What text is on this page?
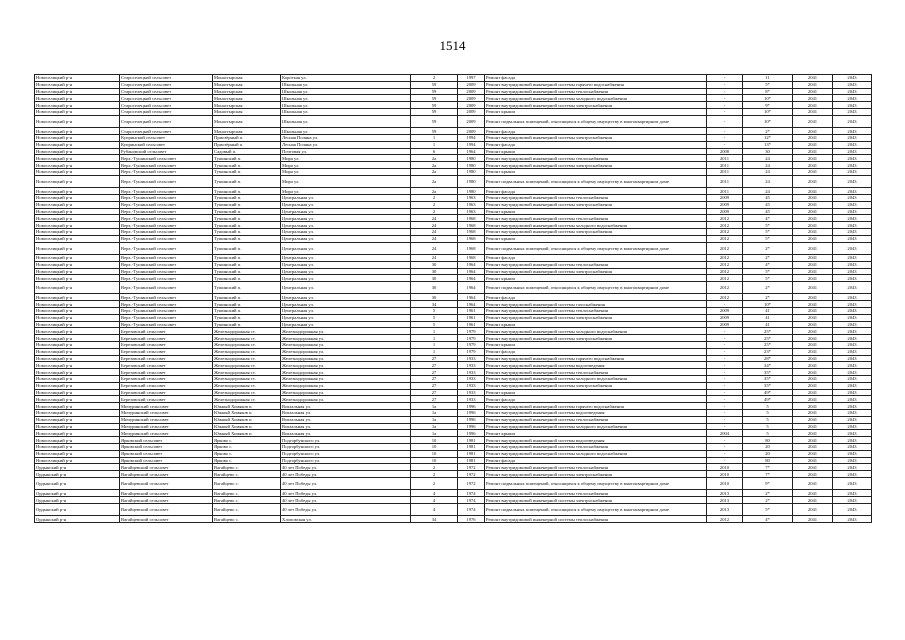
1514
Новоселицкий р-н	Староселецкий сельсовет	Монастырская	Короткая ул.	2	1997	Ремонт фасада	-	11	2041	2043
Новоселицкий р-н	Староселецкий сельсовет	Монастырская	Школьная ул.	59	2009	Ремонт внутридомовой инженерной системы горячего водоснабжения	-	5*	2041	2043
Новоселицкий р-н	Староселецкий сельсовет	Монастырская	Школьная ул.	59	2009	Ремонт внутридомовой инженерной системы теплоснабжения	-	8*	2041	2043
Новоселицкий р-н	Староселецкий сельсовет	Монастырская	Школьная ул.	59	2009	Ремонт внутридомовой инженерной системы холодного водоснабжения	-	10*	2041	2043
Новоселицкий р-н	Староселецкий сельсовет	Монастырская	Школьная ул.	59	2009	Ремонт внутридомовой инженерной системы электроснабжения	-	9*	2041	2043
Новоселицкий р-н	Староселецкий сельсовет	Монастырская	Школьная ул.	59	2009	Ремонт крыши	-	10*	2041	2043
Новоселицкий р-н	Староселецкий сельсовет	Монастырская	Школьная ул.	59	2009	Ремонт подвальных помещений, относящихся к общему имуществу в многоквартирном доме	-	10*	2041	2043
Новоселицкий р-н	Староселецкий сельсовет	Монастырская	Школьная ул.	59	2009	Ремонт фасада	-	2*	2041	2043
Новоселицкий р-н	Купринский сельсовет	Приозёрный п.	Лесная Поляна ул.	1	1994	Ремонт внутридомовой инженерной системы электроснабжения	-	12*	2041	2043
Новоселицкий р-н	Купринский сельсовет	Приозёрный п.	Лесная Поляна ул.	1	1994	Ремонт фасада	-	13*	2041	2043
Новоселицкий р-н	Рубановский сельсовет	Садовый п.	Почтовая ул.	6	1964	Ремонт крыши	2008	30	2041	2043
Новоселицкий р-н	Верх.-Тушинский сельсовет	Тушинский п.	Мира ул.	2а	1980	Ремонт внутридомовой инженерной системы теплоснабжения	2011	24	2041	2043
Новоселицкий р-н	Верх.-Тушинский сельсовет	Тушинский п.	Мира ул.	2а	1980	Ремонт внутридомовой инженерной системы электроснабжения	2011	24	2041	2043
Новоселицкий р-н	Верх.-Тушинский сельсовет	Тушинский п.	Мира ул.	2а	1980	Ремонт крыши	2011	24	2041	2043
Новоселицкий р-н	Верх.-Тушинский сельсовет	Тушинский п.	Мира ул.	2а	1980	Ремонт подвальных помещений, относящихся к общему имуществу в многоквартирном доме	2011	24	2041	2043
Новоселицкий р-н	Верх.-Тушинский сельсовет	Тушинский п.	Мира ул.	2а	1980	Ремонт фасада	2011	24	2041	2043
Новоселицкий р-н	Верх.-Тушинский сельсовет	Тушинский п.	Центральная ул.	2	1963	Ремонт внутридомовой инженерной системы теплоснабжения	2009	45	2041	2043
Новоселицкий р-н	Верх.-Тушинский сельсовет	Тушинский п.	Центральная ул.	2	1963	Ремонт внутридомовой инженерной системы электроснабжения	2009	45	2041	2043
Новоселицкий р-н	Верх.-Тушинский сельсовет	Тушинский п.	Центральная ул.	2	1963	Ремонт крыши	2009	45	2041	2043
Новоселицкий р-н	Верх.-Тушинский сельсовет	Тушинский п.	Центральная ул.	24	1968	Ремонт внутридомовой инженерной системы теплоснабжения	2012	4*	2041	2043
Новоселицкий р-н	Верх.-Тушинский сельсовет	Тушинский п.	Центральная ул.	24	1968	Ремонт внутридомовой инженерной системы холодного водоснабжения	2012	5*	2041	2043
Новоселицкий р-н	Верх.-Тушинский сельсовет	Тушинский п.	Центральная ул.	24	1968	Ремонт внутридомовой инженерной системы электроснабжения	2012	5*	2041	2043
Новоселицкий р-н	Верх.-Тушинский сельсовет	Тушинский п.	Центральная ул.	24	1968	Ремонт крыши	2012	5*	2041	2043
Новоселицкий р-н	Верх.-Тушинский сельсовет	Тушинский п.	Центральная ул.	24	1968	Ремонт подвальных помещений, относящихся к общему имуществу в многоквартирном доме	2012	2*	2041	2043
Новоселицкий р-н	Верх.-Тушинский сельсовет	Тушинский п.	Центральная ул.	24	1968	Ремонт фасада	2012	2*	2041	2043
Новоселицкий р-н	Верх.-Тушинский сельсовет	Тушинский п.	Центральная ул.	30	1964	Ремонт внутридомовой инженерной системы теплоснабжения	2012	4*	2041	2043
Новоселицкий р-н	Верх.-Тушинский сельсовет	Тушинский п.	Центральная ул.	30	1964	Ремонт внутридомовой инженерной системы электроснабжения	2012	5*	2041	2043
Новоселицкий р-н	Верх.-Тушинский сельсовет	Тушинский п.	Центральная ул.	30	1964	Ремонт крыши	2012	5*	2041	2043
Новоселицкий р-н	Верх.-Тушинский сельсовет	Тушинский п.	Центральная ул.	30	1964	Ремонт подвальных помещений, относящихся к общему имуществу в многоквартирном доме	2012	2*	2041	2043
Новоселицкий р-н	Верх.-Тушинский сельсовет	Тушинский п.	Центральная ул.	30	1964	Ремонт фасада	2012	2*	2041	2043
Новоселицкий р-н	Верх.-Тушинский сельсовет	Тушинский п.	Центральная ул.	34	1964	Ремонт внутридомовой инженерной системы газоснабжения	-	10*	2041	2043
Новоселицкий р-н	Верх.-Тушинский сельсовет	Тушинский п.	Центральная ул.	5	1961	Ремонт внутридомовой инженерной системы теплоснабжения	2009	41	2041	2043
Новоселицкий р-н	Верх.-Тушинский сельсовет	Тушинский п.	Центральная ул.	5	1961	Ремонт внутридомовой инженерной системы электроснабжения	2009	41	2041	2043
Новоселицкий р-н	Верх.-Тушинский сельсовет	Тушинский п.	Центральная ул.	5	1961	Ремонт крыши	2009	41	2041	2043
Новоселицкий р-н	Березовский сельсовет	Железнодорожная ст.	Железнодорожная ул.	1	1979	Ремонт внутридомовой инженерной системы холодного водоснабжения	-	25*	2041	2043
Новоселицкий р-н	Березовский сельсовет	Железнодорожная ст.	Железнодорожная ул.	1	1979	Ремонт внутридомовой инженерной системы электроснабжения	-	25*	2041	2043
Новоселицкий р-н	Березовский сельсовет	Железнодорожная ст.	Железнодорожная ул.	1	1979	Ремонт крыши	-	25*	2041	2043
Новоселицкий р-н	Березовский сельсовет	Железнодорожная ст.	Железнодорожная ул.	1	1979	Ремонт фасада	-	23*	2041	2043
Новоселицкий р-н	Березовский сельсовет	Железнодорожная ст.	Железнодорожная ул.	27	1933	Ремонт внутридомовой инженерной системы горячего водоснабжения	-	28*	2041	2043
Новоселицкий р-н	Березовский сельсовет	Железнодорожная ст.	Железнодорожная ул.	27	1933	Ремонт внутридомовой инженерной системы водоотведения	-	34*	2041	2043
Новоселицкий р-н	Березовский сельсовет	Железнодорожная ст.	Железнодорожная ул.	27	1933	Ремонт внутридомовой инженерной системы теплоснабжения	-	35*	2041	2043
Новоселицкий р-н	Березовский сельсовет	Железнодорожная ст.	Железнодорожная ул.	27	1933	Ремонт внутридомовой инженерной системы холодного водоснабжения	-	35*	2041	2043
Новоселицкий р-н	Березовский сельсовет	Железнодорожная ст.	Железнодорожная ул.	27	1933	Ремонт внутридомовой инженерной системы электроснабжения	-	35*	2041	2043
Новоселицкий р-н	Березовский сельсовет	Железнодорожная ст.	Железнодорожная ул.	27	1933	Ремонт крыши	-	49*	2041	2043
Новоселицкий р-н	Березовский сельсовет	Железнодорожная ст.	Железнодорожная ул.	27	1933	Ремонт фасада	-	49*	2041	2043
Новоселицкий р-н	Мичуринский сельсовет	Южный Хомяков п.	Вокзальная ул.	1а	1996	Ремонт внутридомовой инженерной системы горячего водоснабжения	-	5	2041	2043
Новоселицкий р-н	Мичуринский сельсовет	Южный Хомяков п.	Вокзальная ул.	1а	1996	Ремонт внутридомовой инженерной системы водоотведения	-	5	2041	2043
Новоселицкий р-н	Мичуринский сельсовет	Южный Хомяков п.	Вокзальная ул.	1а	1996	Ремонт внутридомовой инженерной системы теплоснабжения	-	5	2041	2043
Новоселицкий р-н	Мичуринский сельсовет	Южный Хомяков п.	Вокзальная ул.	1а	1996	Ремонт внутридомовой инженерной системы холодного водоснабжения	-	5	2041	2043
Новоселицкий р-н	Мичуринский сельсовет	Южный Хомяков п.	Вокзальная ул.	1а	1996	Ремонт крыши	2004	5	2041	2043
Новоселицкий р-н	Ярковский сельсовет	Ярково с.	Подгорбунского ул.	10	1981	Ремонт внутридомовой инженерной системы водоотведения	-	80	2041	2043
Новоселицкий р-н	Ярковский сельсовет	Ярково с.	Подгорбунского ул.	10	1981	Ремонт внутридомовой инженерной системы теплоснабжения	-	20	2041	2043
Новоселицкий р-н	Ярковский сельсовет	Ярково с.	Подгорбунского ул.	10	1981	Ремонт внутридомовой инженерной системы холодного водоснабжения	-	20	2041	2043
Новоселицкий р-н	Ярковский сельсовет	Ярково с.	Подгорбунского ул.	10	1981	Ремонт фасада	-	80	2041	2043
Ордынский р-н	Вагайцевский сельсовет	Вагайцево с.	40 лет Победы ул.	2	1972	Ремонт внутридомовой инженерной системы теплоснабжения	2010	7*	2041	2043
Ордынский р-н	Вагайцевский сельсовет	Вагайцево с.	40 лет Победы ул.	2	1972	Ремонт внутридомовой инженерной системы электроснабжения	2010	7*	2041	2043
Ордынский р-н	Вагайцевский сельсовет	Вагайцево с.	40 лет Победы ул.	2	1972	Ремонт подвальных помещений, относящихся к общему имуществу в многоквартирном доме	2010	9*	2041	2043
Ордынский р-н	Вагайцевский сельсовет	Вагайцево с.	40 лет Победы ул.	4	1974	Ремонт внутридомовой инженерной системы теплоснабжения	2013	2*	2041	2043
Ордынский р-н	Вагайцевский сельсовет	Вагайцево с.	40 лет Победы ул.	4	1974	Ремонт внутридомовой инженерной системы электроснабжения	2013	2*	2041	2043
Ордынский р-н	Вагайцевский сельсовет	Вагайцево с.	40 лет Победы ул.	4	1974	Ремонт подвальных помещений, относящихся к общему имуществу в многоквартирном доме	2013	5*	2041	2043
Ордынский р-н	Вагайцевский сельсовет	Вагайцево с.	Хлоповская ул.	34	1976	Ремонт внутридомовой инженерной системы теплоснабжения	2012	4*	2041	2043
